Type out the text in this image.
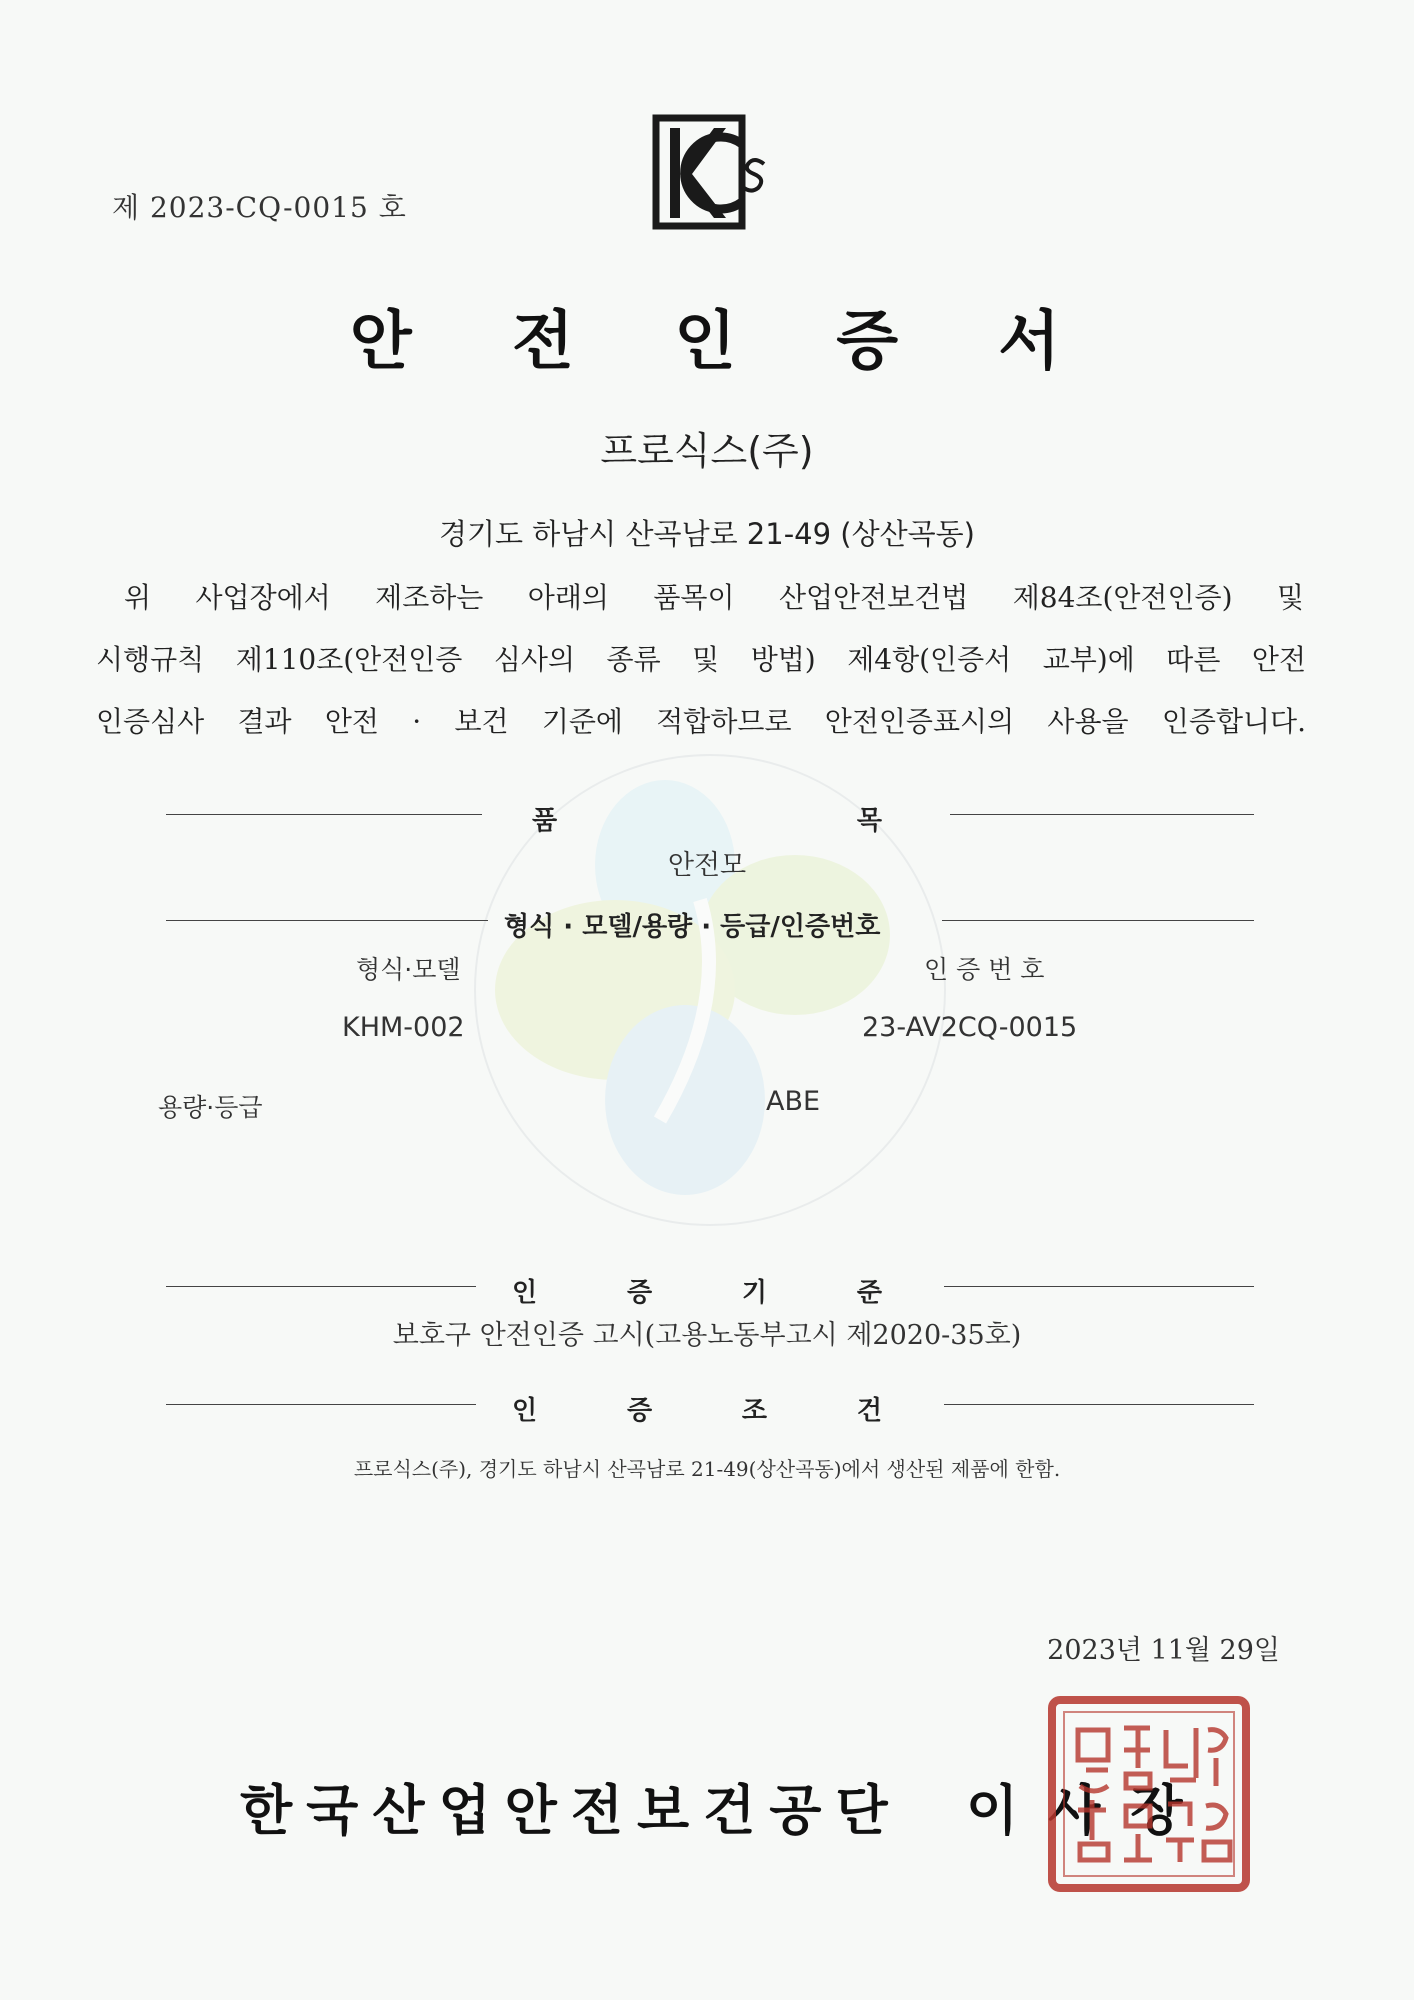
제 2023-CQ-0015 호
안 전 인 증 서
프로식스(주)
경기도 하남시 산곡남로 21-49 (상산곡동)
위 사업장에서 제조하는 아래의 품목이 산업안전보건법 제84조(안전인증) 및
시행규칙 제110조(안전인증 심사의 종류 및 방법) 제4항(인증서 교부)에 따른 안전
인증심사 결과 안전 · 보건 기준에 적합하므로 안전인증표시의 사용을 인증합니다.
품 목
안전모
형식 · 모델/용량 · 등급/인증번호
형식·모델	인 증 번 호
KHM-002	23-AV2CQ-0015
용량·등급	ABE
인 증 기 준
보호구 안전인증 고시(고용노동부고시 제2020-35호)
인 증 조 건
프로식스(주), 경기도 하남시 산곡남로 21-49(상산곡동)에서 생산된 제품에 한함.
2023년 11월 29일
한국산업안전보건공단 이사장
